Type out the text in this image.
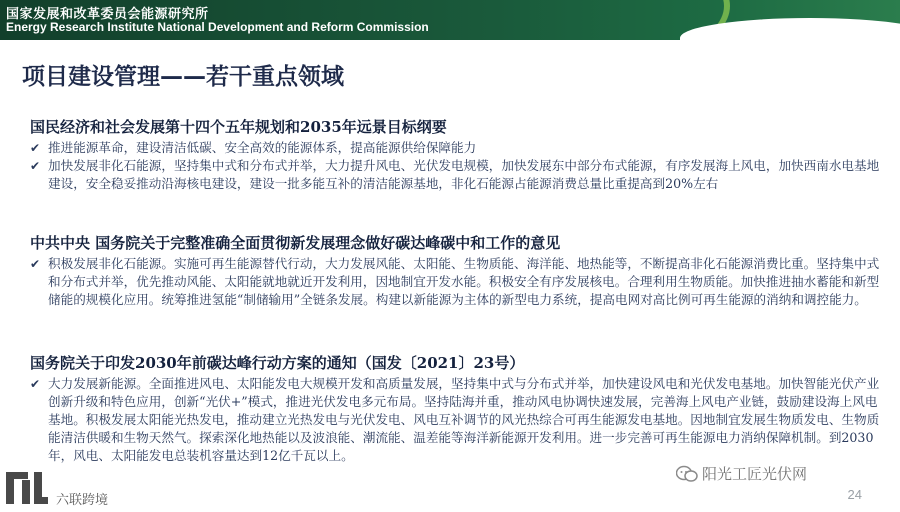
国家发展和改革委员会能源研究所
Energy Research Institute National Development and Reform Commission
项目建设管理——若干重点领域
国民经济和社会发展第十四个五年规划和2035年远景目标纲要
✔ 推进能源革命，建设清洁低碳、安全高效的能源体系，提高能源供给保障能力
✔ 加快发展非化石能源，坚持集中式和分布式并举，大力提升风电、光伏发电规模，加快发展东中部分布式能源，有序发展海上风电，加快西南水电基地建设，安全稳妥推动沿海核电建设，建设一批多能互补的清洁能源基地，非化石能源占能源消费总量比重提高到20%左右
中共中央 国务院关于完整准确全面贯彻新发展理念做好碳达峰碳中和工作的意见
✔ 积极发展非化石能源。实施可再生能源替代行动，大力发展风能、太阳能、生物质能、海洋能、地热能等，不断提高非化石能源消费比重。坚持集中式和分布式并举，优先推动风能、太阳能就地就近开发利用，因地制宜开发水能。积极安全有序发展核电。合理利用生物质能。加快推进抽水蓄能和新型储能的规模化应用。统筹推进氢能“制储输用”全链条发展。构建以新能源为主体的新型电力系统，提高电网对高比例可再生能源的消纳和调控能力。
国务院关于印发2030年前碳达峰行动方案的通知（国发〔2021〕23号）
✔ 大力发展新能源。全面推进风电、太阳能发电大规模开发和高质量发展，坚持集中式与分布式并举，加快建设风电和光伏发电基地。加快智能光伏产业创新升级和特色应用，创新“光伏+”模式，推进光伏发电多元布局。坚持陆海并重，推动风电协调快速发展，完善海上风电产业链，鼓励建设海上风电基地。积极发展太阳能光热发电，推动建立光热发电与光伏发电、风电互补调节的风光热综合可再生能源发电基地。因地制宜发展生物质发电、生物质能清洁供暖和生物天然气。探索深化地热能以及波浪能、潮流能、温差能等海洋新能源开发利用。进一步完善可再生能源电力消纳保障机制。到2030年，风电、太阳能发电总装机容量达到12亿千瓦以上。
24
六联跨境
阳光工匠光伏网
